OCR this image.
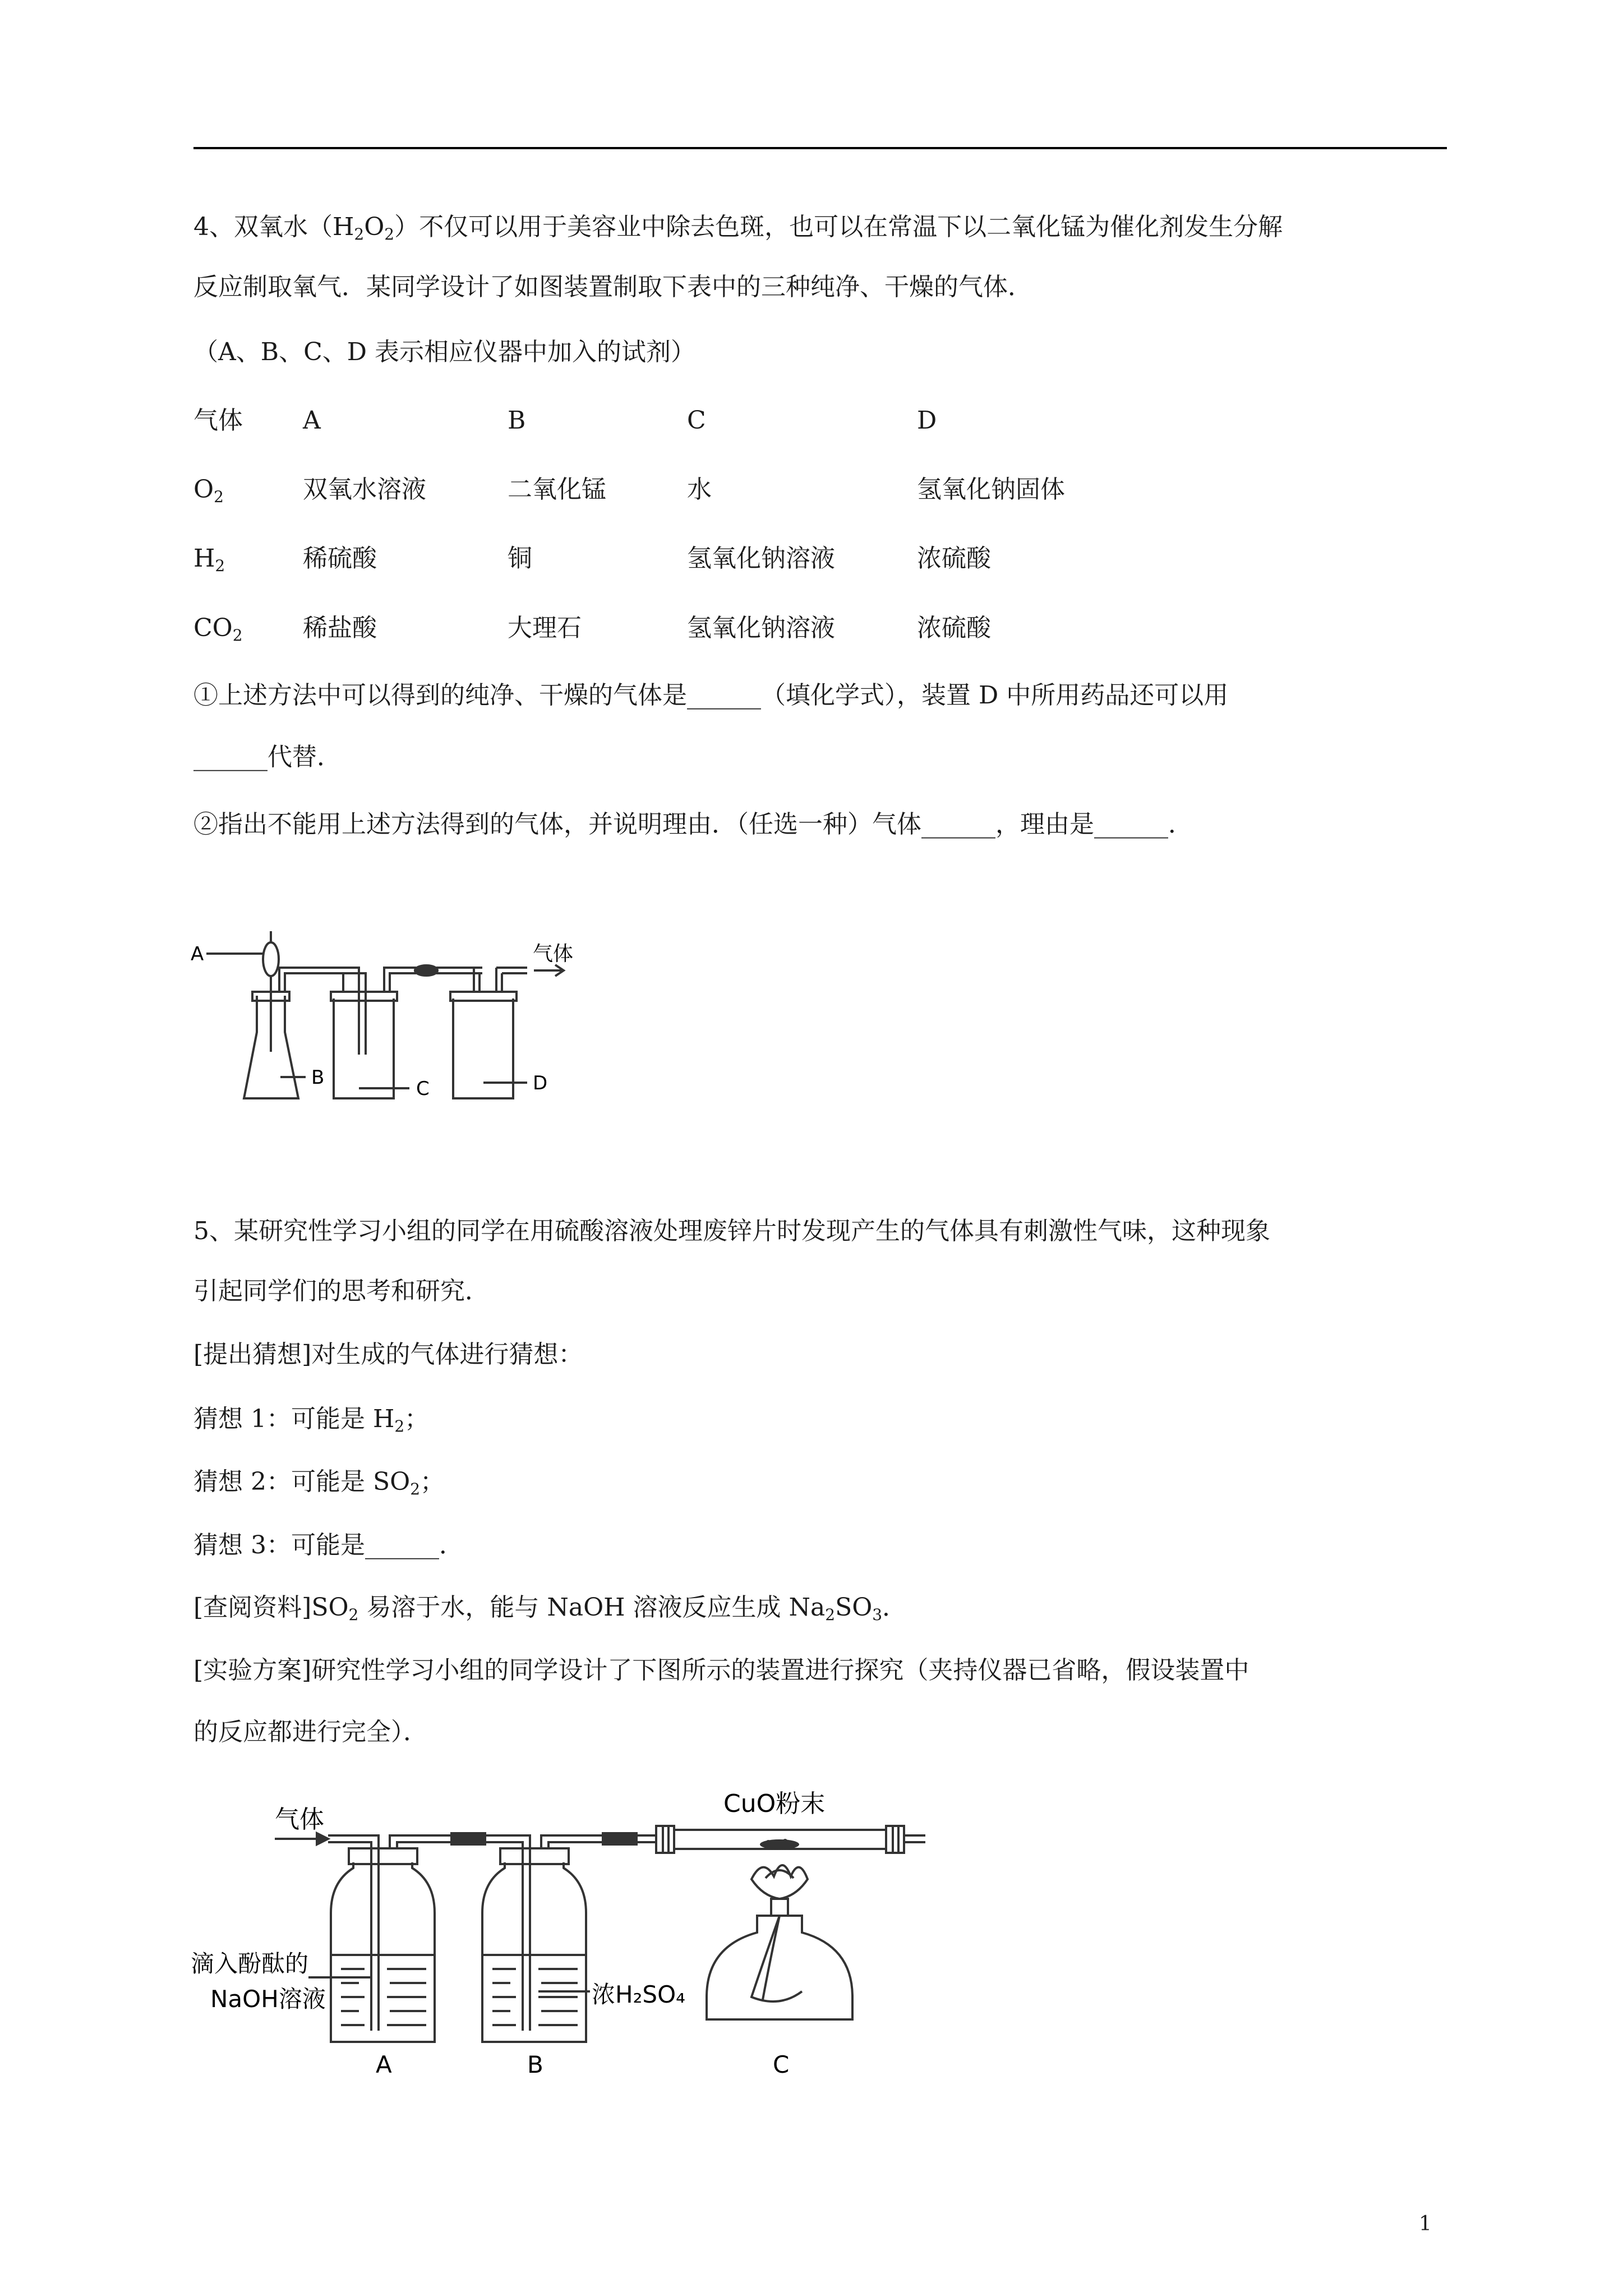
4、双氧水$(H_2O_2)$不仅可以用于美容业中除去色斑，也可以在常温下以二氧化锰为催化剂发生分解
反应制取氧气．某同学设计了如图装置制取下表中的三种纯净、干燥的气体．
（A、B、C、D 表示相应仪器中加入的试剂）
气体 A	B	C	D
$O_2$	双氧水溶液	二氧化锰	水	氢氧化钠固体
$H_2$	稀硫酸	铜	氢氧化钠溶液	浓硫酸
$CO_2$ 稀盐酸	大理石	氢氧化钠溶液	浓硫酸
①上述方法中可以得到的纯净、干燥的气体是______（填化学式），装置 D 中所用药品还可以用
______代替．
②指出不能用上述方法得到的气体，并说明理由．（任选一种）气体______，理由是______．
A
B	C	D
气体
5、某研究性学习小组的同学在用硫酸溶液处理废锌片时发现产生的气体具有刺激性气味，这种现象
引起同学们的思考和研究．
[提出猜想]对生成的气体进行猜想：
猜想 1：可能是 $H_2$；
猜想 2：可能是 $SO_2$；
猜想 3：可能是______．
[查阅资料]$SO_2$ 易溶于水，能与 NaOH 溶液反应生成 $Na_2SO_3$．
[实验方案]研究性学习小组的同学设计了下图所示的装置进行探究（夹持仪器已省略，假设装置中
的反应都进行完全）．
气体
CuO粉末
滴入酚酞的
NaOH溶液	浓H₂SO₄
A	B	C
1
